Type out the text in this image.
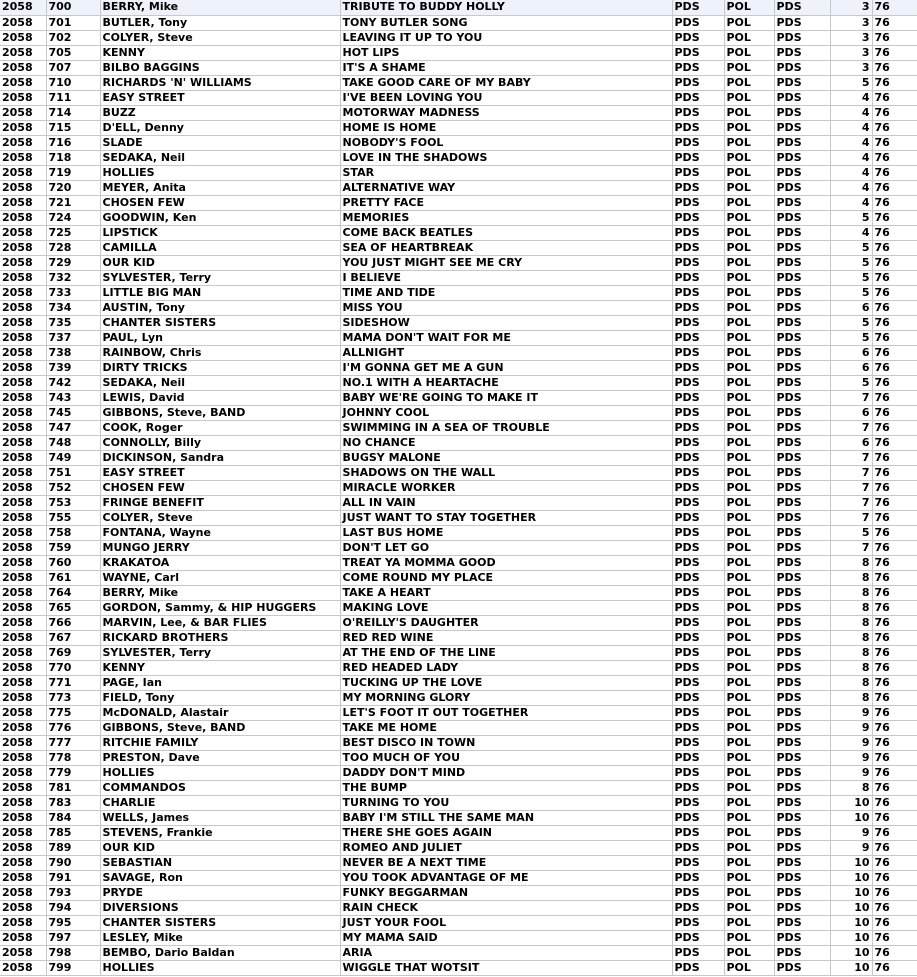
2058	700	BERRY, Mike	TRIBUTE TO BUDDY HOLLY	PDS	POL	PDS	3	76
2058	701	BUTLER, Tony	TONY BUTLER SONG	PDS	POL	PDS	3	76
2058	702	COLYER, Steve	LEAVING IT UP TO YOU	PDS	POL	PDS	3	76
2058	705	KENNY	HOT LIPS	PDS	POL	PDS	3	76
2058	707	BILBO BAGGINS	IT'S A SHAME	PDS	POL	PDS	3	76
2058	710	RICHARDS 'N' WILLIAMS	TAKE GOOD CARE OF MY BABY	PDS	POL	PDS	5	76
2058	711	EASY STREET	I'VE BEEN LOVING YOU	PDS	POL	PDS	4	76
2058	714	BUZZ	MOTORWAY MADNESS	PDS	POL	PDS	4	76
2058	715	D'ELL, Denny	HOME IS HOME	PDS	POL	PDS	4	76
2058	716	SLADE	NOBODY'S FOOL	PDS	POL	PDS	4	76
2058	718	SEDAKA, Neil	LOVE IN THE SHADOWS	PDS	POL	PDS	4	76
2058	719	HOLLIES	STAR	PDS	POL	PDS	4	76
2058	720	MEYER, Anita	ALTERNATIVE WAY	PDS	POL	PDS	4	76
2058	721	CHOSEN FEW	PRETTY FACE	PDS	POL	PDS	4	76
2058	724	GOODWIN, Ken	MEMORIES	PDS	POL	PDS	5	76
2058	725	LIPSTICK	COME BACK BEATLES	PDS	POL	PDS	4	76
2058	728	CAMILLA	SEA OF HEARTBREAK	PDS	POL	PDS	5	76
2058	729	OUR KID	YOU JUST MIGHT SEE ME CRY	PDS	POL	PDS	5	76
2058	732	SYLVESTER, Terry	I BELIEVE	PDS	POL	PDS	5	76
2058	733	LITTLE BIG MAN	TIME AND TIDE	PDS	POL	PDS	5	76
2058	734	AUSTIN, Tony	MISS YOU	PDS	POL	PDS	6	76
2058	735	CHANTER SISTERS	SIDESHOW	PDS	POL	PDS	5	76
2058	737	PAUL, Lyn	MAMA DON'T WAIT FOR ME	PDS	POL	PDS	5	76
2058	738	RAINBOW, Chris	ALLNIGHT	PDS	POL	PDS	6	76
2058	739	DIRTY TRICKS	I'M GONNA GET ME A GUN	PDS	POL	PDS	6	76
2058	742	SEDAKA, Neil	NO.1 WITH A HEARTACHE	PDS	POL	PDS	5	76
2058	743	LEWIS, David	BABY WE'RE GOING TO MAKE IT	PDS	POL	PDS	7	76
2058	745	GIBBONS, Steve, BAND	JOHNNY COOL	PDS	POL	PDS	6	76
2058	747	COOK, Roger	SWIMMING IN A SEA OF TROUBLE	PDS	POL	PDS	7	76
2058	748	CONNOLLY, Billy	NO CHANCE	PDS	POL	PDS	6	76
2058	749	DICKINSON, Sandra	BUGSY MALONE	PDS	POL	PDS	7	76
2058	751	EASY STREET	SHADOWS ON THE WALL	PDS	POL	PDS	7	76
2058	752	CHOSEN FEW	MIRACLE WORKER	PDS	POL	PDS	7	76
2058	753	FRINGE BENEFIT	ALL IN VAIN	PDS	POL	PDS	7	76
2058	755	COLYER, Steve	JUST WANT TO STAY TOGETHER	PDS	POL	PDS	7	76
2058	758	FONTANA, Wayne	LAST BUS HOME	PDS	POL	PDS	5	76
2058	759	MUNGO JERRY	DON'T LET GO	PDS	POL	PDS	7	76
2058	760	KRAKATOA	TREAT YA MOMMA GOOD	PDS	POL	PDS	8	76
2058	761	WAYNE, Carl	COME ROUND MY PLACE	PDS	POL	PDS	8	76
2058	764	BERRY, Mike	TAKE A HEART	PDS	POL	PDS	8	76
2058	765	GORDON, Sammy, & HIP HUGGERS	MAKING LOVE	PDS	POL	PDS	8	76
2058	766	MARVIN, Lee, & BAR FLIES	O'REILLY'S DAUGHTER	PDS	POL	PDS	8	76
2058	767	RICKARD BROTHERS	RED RED WINE	PDS	POL	PDS	8	76
2058	769	SYLVESTER, Terry	AT THE END OF THE LINE	PDS	POL	PDS	8	76
2058	770	KENNY	RED HEADED LADY	PDS	POL	PDS	8	76
2058	771	PAGE, Ian	TUCKING UP THE LOVE	PDS	POL	PDS	8	76
2058	773	FIELD, Tony	MY MORNING GLORY	PDS	POL	PDS	8	76
2058	775	McDONALD, Alastair	LET'S FOOT IT OUT TOGETHER	PDS	POL	PDS	9	76
2058	776	GIBBONS, Steve, BAND	TAKE ME HOME	PDS	POL	PDS	9	76
2058	777	RITCHIE FAMILY	BEST DISCO IN TOWN	PDS	POL	PDS	9	76
2058	778	PRESTON, Dave	TOO MUCH OF YOU	PDS	POL	PDS	9	76
2058	779	HOLLIES	DADDY DON'T MIND	PDS	POL	PDS	9	76
2058	781	COMMANDOS	THE BUMP	PDS	POL	PDS	8	76
2058	783	CHARLIE	TURNING TO YOU	PDS	POL	PDS	10	76
2058	784	WELLS, James	BABY I'M STILL THE SAME MAN	PDS	POL	PDS	10	76
2058	785	STEVENS, Frankie	THERE SHE GOES AGAIN	PDS	POL	PDS	9	76
2058	789	OUR KID	ROMEO AND JULIET	PDS	POL	PDS	9	76
2058	790	SEBASTIAN	NEVER BE A NEXT TIME	PDS	POL	PDS	10	76
2058	791	SAVAGE, Ron	YOU TOOK ADVANTAGE OF ME	PDS	POL	PDS	10	76
2058	793	PRYDE	FUNKY BEGGARMAN	PDS	POL	PDS	10	76
2058	794	DIVERSIONS	RAIN CHECK	PDS	POL	PDS	10	76
2058	795	CHANTER SISTERS	JUST YOUR FOOL	PDS	POL	PDS	10	76
2058	797	LESLEY, Mike	MY MAMA SAID	PDS	POL	PDS	10	76
2058	798	BEMBO, Dario Baldan	ARIA	PDS	POL	PDS	10	76
2058	799	HOLLIES	WIGGLE THAT WOTSIT	PDS	POL	PDS	10	76
